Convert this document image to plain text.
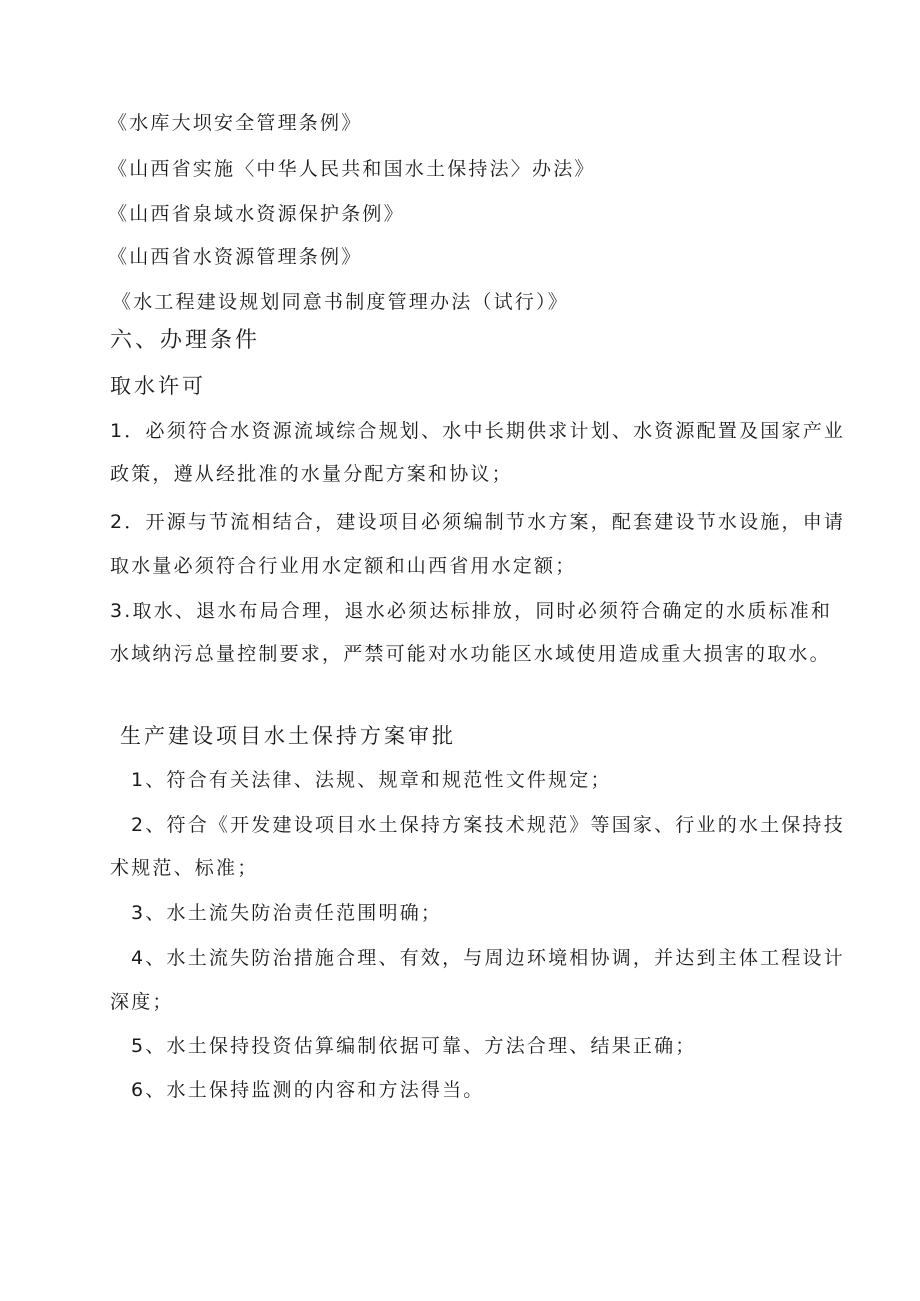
《水库大坝安全管理条例》
《山西省实施〈中华人民共和国水土保持法〉办法》
《山西省泉域水资源保护条例》
《山西省水资源管理条例》
《水工程建设规划同意书制度管理办法（试行）》
六、办理条件
取水许可
1．必须符合水资源流域综合规划、水中长期供求计划、水资源配置及国家产业
政策，遵从经批准的水量分配方案和协议；
2．开源与节流相结合，建设项目必须编制节水方案，配套建设节水设施，申请
取水量必须符合行业用水定额和山西省用水定额；
3.取水、退水布局合理，退水必须达标排放，同时必须符合确定的水质标准和
水域纳污总量控制要求，严禁可能对水功能区水域使用造成重大损害的取水。
生产建设项目水土保持方案审批
1、符合有关法律、法规、规章和规范性文件规定；
2、符合《开发建设项目水土保持方案技术规范》等国家、行业的水土保持技
术规范、标准；
3、水土流失防治责任范围明确；
4、水土流失防治措施合理、有效，与周边环境相协调，并达到主体工程设计
深度；
5、水土保持投资估算编制依据可靠、方法合理、结果正确；
6、水土保持监测的内容和方法得当。
